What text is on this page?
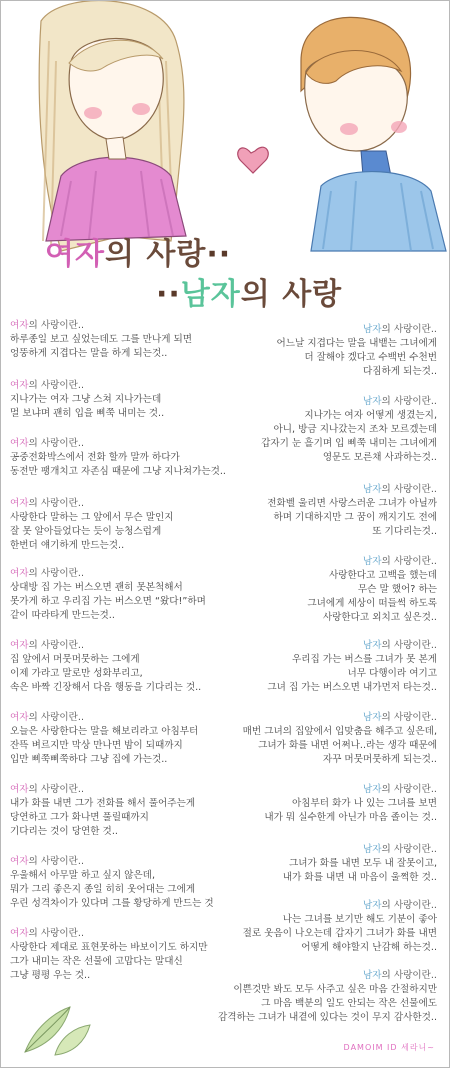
여자의 사랑··
··남자의 사랑
여자의 사랑이란..
하루종일 보고 싶었는데도 그를 만나게 되면
엉뚱하게 지겹다는 말을 하게 되는것..
여자의 사랑이란..
지나가는 여자 그냥 스쳐 지나가는데
멀 보냐며 괜히 입을 삐쭉 내미는 것..
여자의 사랑이란..
공중전화박스에서 전화 할까 말까 하다가
동전만 팽개치고 자존심 때문에 그냥 지나쳐가는것..
여자의 사랑이란..
사랑한다 말하는 그 앞에서 무슨 말인지
잘 못 알아들었다는 듯이 능청스럽게
한번더 얘기하게 만드는것..
여자의 사랑이란..
상대방 집 가는 버스오면 괜히 못본척해서
못가게 하고 우리집 가는 버스오면 “왔다!”하며
같이 따라타게 만드는것..
여자의 사랑이란..
집 앞에서 머뭇머뭇하는 그에게
이제 가라고 말로만 성화부리고,
속은 바짝 긴장해서 다음 행동을 기다리는 것..
여자의 사랑이란..
오늘은 사랑한다는 말을 해보리라고 아침부터
잔뜩 벼르지만 막상 만나면 밤이 되때까지
입만 삐쭉삐쭉하다 그냥 집에 가는것..
여자의 사랑이란..
내가 화를 내면 그가 전화를 해서 풀어주는게
당연하고 그가 화나면 풀릴때까지
기다리는 것이 당연한 것..
여자의 사랑이란..
우울해서 아무말 하고 싶지 않은데,
뭐가 그리 좋은지 종일 히히 웃어대는 그에게
우린 성격차이가 있다며 그를 황당하게 만드는 것
여자의 사랑이란..
사랑한다 제대로 표현못하는 바보이기도 하지만
그가 내미는 작은 선물에 고맙다는 말대신
그냥 평평 우는 것..
남자의 사랑이란..
어느날 지겹다는 말을 내뱉는 그녀에게
더 잘해야 겠다고 수백번 수천번
다짐하게 되는것..
남자의 사랑이란..
지나가는 여자 어떻게 생겼는지,
아니, 방금 지나갔는지 조차 모르겠는데
갑자기 눈 흘기며 입 삐쭉 내미는 그녀에게
영문도 모른채 사과하는것..
남자의 사랑이란..
전화벨 울리면 사랑스러운 그녀가 아닐까
하며 기대하지만 그 꿈이 깨지기도 전에
또 기다리는것..
남자의 사랑이란..
사랑한다고 고백을 했는데
무슨 말 했어? 하는
그녀에게 세상이 떠들썩 하도록
사랑한다고 외치고 싶은것..
남자의 사랑이란..
우리집 가는 버스를 그녀가 못 본게
너무 다행이라 여기고
그녀 집 가는 버스오면 내가먼저 타는것..
남자의 사랑이란..
매번 그녀의 집앞에서 입맞춤을 해주고 싶은데,
그녀가 화를 내면 어쩌나..라는 생각 때문에
자꾸 머뭇머뭇하게 되는것..
남자의 사랑이란..
아침부터 화가 나 있는 그녀를 보면
내가 뭐 실수한게 아닌가 마음 졸이는 것..
남자의 사랑이란..
그녀가 화를 내면 모두 내 잘못이고,
내가 화를 내면 내 마음이 울쩍한 것..
남자의 사랑이란..
나는 그녀를 보기만 해도 기분이 좋아
절로 웃음이 나오는데 갑자기 그녀가 화를 내면
어떻게 해야할지 난감해 하는것..
남자의 사랑이란..
이쁜것만 봐도 모두 사주고 싶은 마음 간절하지만
그 마음 백분의 일도 안되는 작은 선물에도
감격하는 그녀가 내곁에 있다는 것이 무지 감사한것..
DAMOIM ID 세라니~
